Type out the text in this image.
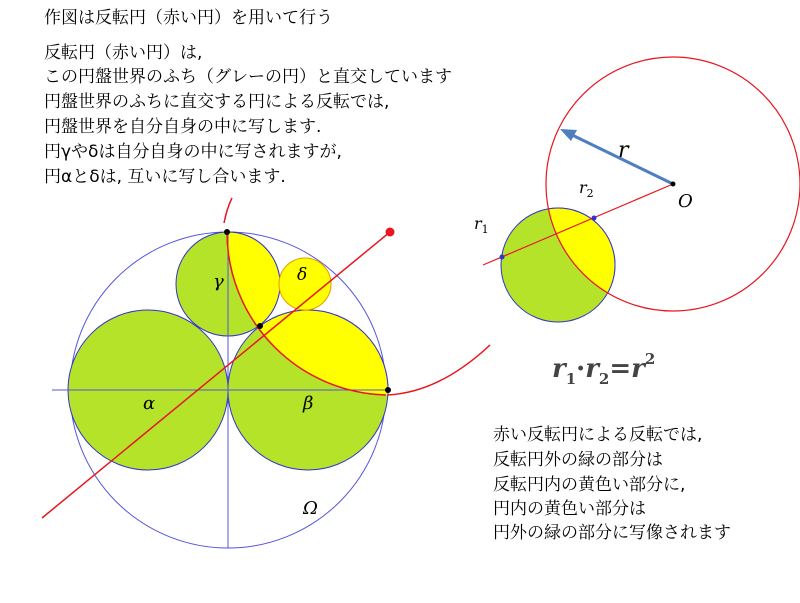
作図は反転円（赤い円）を用いて行う
反転円（赤い円）は,
この円盤世界のふち（グレーの円）と直交しています
円盤世界のふちに直交する円による反転では,
円盤世界を自分自身の中に写します.
円γやδは自分自身の中に写されますが,
円αとδは, 互いに写し合います.
α	β
γ	δ
Ω
r
O
$r_1$
$r_2$
$r_1\cdot r_2=r^2$
赤い反転円による反転では,
反転円外の緑の部分は
反転円内の黄色い部分に,
円内の黄色い部分は
円外の緑の部分に写像されます
